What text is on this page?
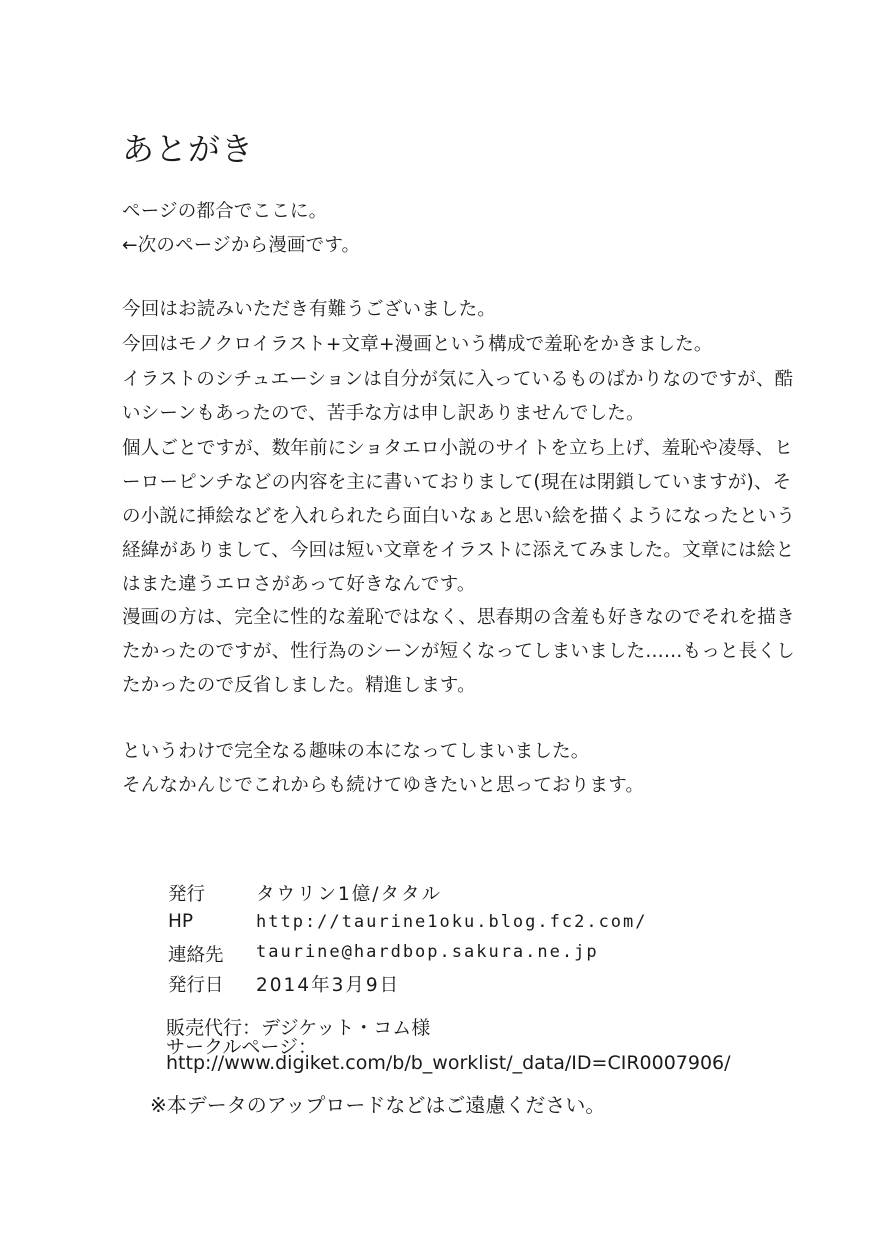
あとがき
ページの都合でここに。
←次のページから漫画です。
今回はお読みいただき有難うございました。
今回はモノクロイラスト+文章+漫画という構成で羞恥をかきました。
イラストのシチュエーションは自分が気に入っているものばかりなのですが、酷
いシーンもあったので、苦手な方は申し訳ありませんでした。
個人ごとですが、数年前にショタエロ小説のサイトを立ち上げ、羞恥や凌辱、ヒ
ーローピンチなどの内容を主に書いておりまして(現在は閉鎖していますが)、そ
の小説に挿絵などを入れられたら面白いなぁと思い絵を描くようになったという
経緯がありまして、今回は短い文章をイラストに添えてみました。文章には絵と
はまた違うエロさがあって好きなんです。
漫画の方は、完全に性的な羞恥ではなく、思春期の含羞も好きなのでそれを描き
たかったのですが、性行為のシーンが短くなってしまいました……もっと長くし
たかったので反省しました。精進します。
というわけで完全なる趣味の本になってしまいました。
そんなかんじでこれからも続けてゆきたいと思っております。
発行	タウリン1億/タタル
HP	http://taurine1oku.blog.fc2.com/
連絡先 taurine@hardbop.sakura.ne.jp
発行日 2014年3月9日
販売代行：デジケット・コム様
サークルページ：
http://www.digiket.com/b/b_worklist/_data/ID=CIR0007906/
※本データのアップロードなどはご遠慮ください。
